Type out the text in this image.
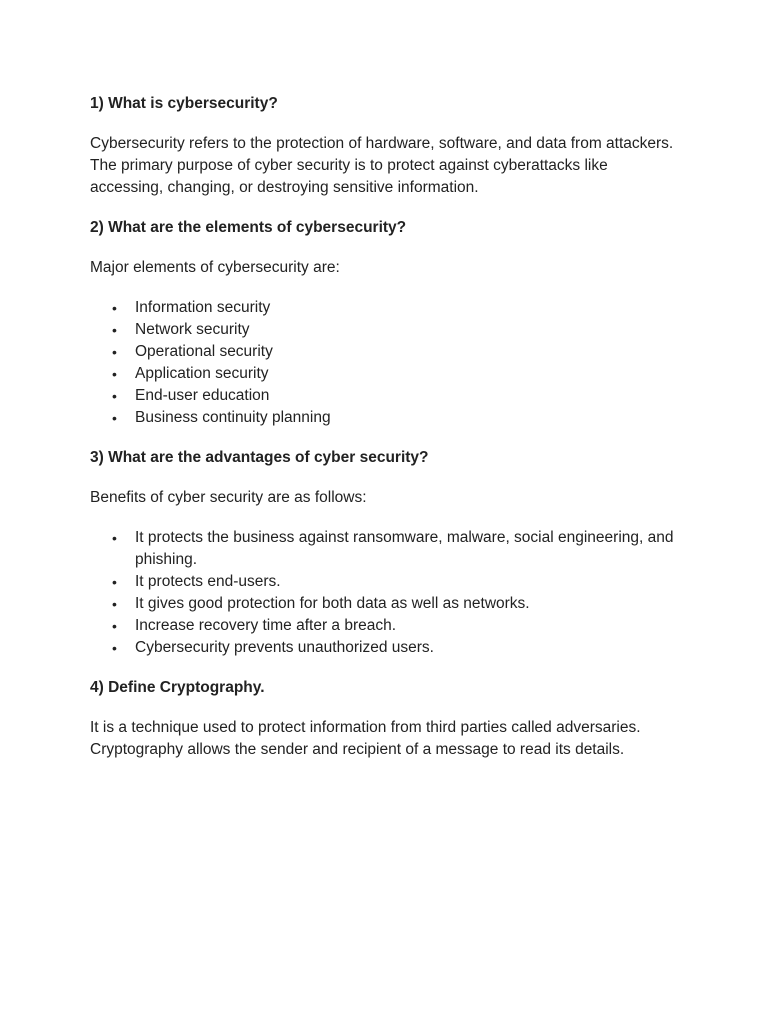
1) What is cybersecurity?

Cybersecurity refers to the protection of hardware, software, and data from attackers. The primary purpose of cyber security is to protect against cyberattacks like accessing, changing, or destroying sensitive information.

2) What are the elements of cybersecurity?

Major elements of cybersecurity are:

• Information security
• Network security
• Operational security
• Application security
• End-user education
• Business continuity planning
3) What are the advantages of cyber security?

Benefits of cyber security are as follows:

• It protects the business against ransomware, malware, social engineering, and phishing.
• It protects end-users.
• It gives good protection for both data as well as networks.
• Increase recovery time after a breach.
• Cybersecurity prevents unauthorized users.
4) Define Cryptography.

It is a technique used to protect information from third parties called adversaries. Cryptography allows the sender and recipient of a message to read its details.
